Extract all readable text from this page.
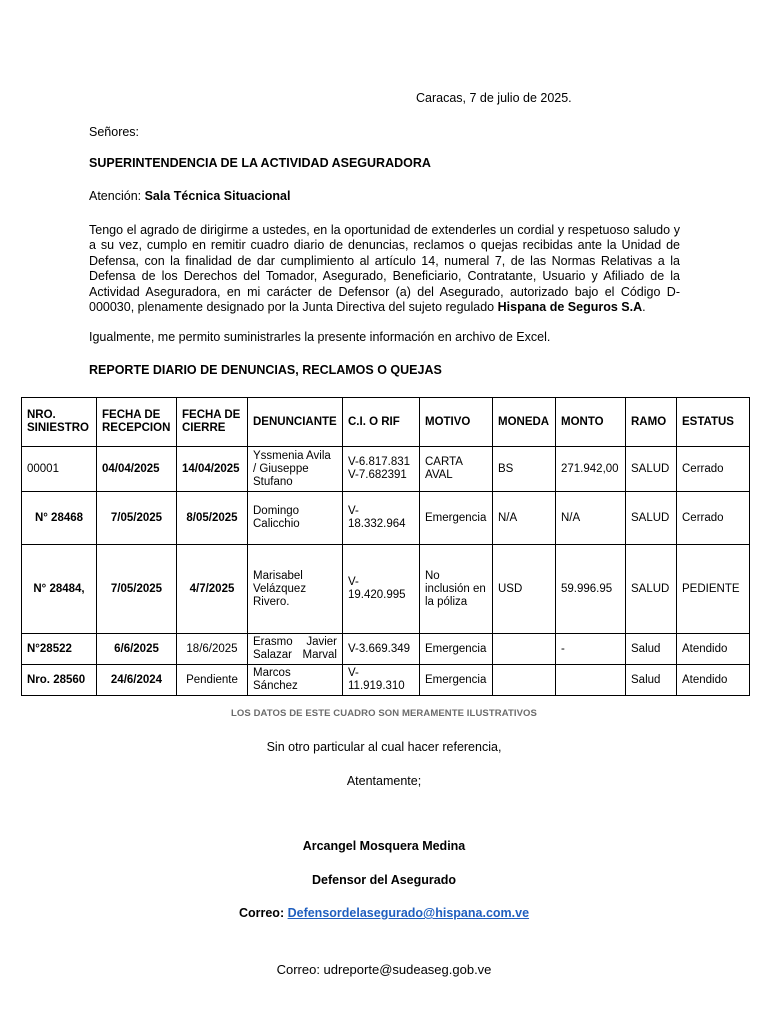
Caracas, 7 de julio de 2025.
Señores:
SUPERINTENDENCIA DE LA ACTIVIDAD ASEGURADORA
Atención: Sala Técnica Situacional
Tengo el agrado de dirigirme a ustedes, en la oportunidad de extenderles un cordial y respetuoso saludo y a su vez, cumplo en remitir cuadro diario de denuncias, reclamos o quejas recibidas ante la Unidad de Defensa, con la finalidad de dar cumplimiento al artículo 14, numeral 7, de las Normas Relativas a la Defensa de los Derechos del Tomador, Asegurado, Beneficiario, Contratante, Usuario y Afiliado de la Actividad Aseguradora, en mi carácter de Defensor (a) del Asegurado, autorizado bajo el Código D-000030, plenamente designado por la Junta Directiva del sujeto regulado Hispana de Seguros S.A.
Igualmente, me permito suministrarles la presente información en archivo de Excel.
REPORTE DIARIO DE DENUNCIAS, RECLAMOS O QUEJAS
NRO. SINIESTRO	FECHA DE RECEPCION	FECHA DE CIERRE	DENUNCIANTE	C.I. O RIF	MOTIVO	MONEDA	MONTO	RAMO	ESTATUS
00001	04/04/2025	14/04/2025	Yssmenia Avila / Giuseppe Stufano	V-6.817.831 V-7.682391	CARTA AVAL	BS	271.942,00	SALUD	Cerrado
N° 28468	7/05/2025	8/05/2025	Domingo Calicchio	V-18.332.964	Emergencia	N/A	N/A	SALUD	Cerrado
N° 28484,	7/05/2025	4/7/2025	Marisabel Velázquez Rivero.	V-19.420.995	No inclusión en la póliza	USD	59.996.95	SALUD	PEDIENTE
N°28522	6/6/2025	18/6/2025	Erasmo Javier Salazar Marval	V-3.669.349	Emergencia		-	Salud	Atendido
Nro. 28560	24/6/2024	Pendiente	Marcos Sánchez	V-11.919.310	Emergencia			Salud	Atendido
LOS DATOS DE ESTE CUADRO SON MERAMENTE ILUSTRATIVOS
Sin otro particular al cual hacer referencia,
Atentamente;
Arcangel Mosquera Medina
Defensor del Asegurado
Correo: Defensordelasegurado@hispana.com.ve
Correo: udreporte@sudeaseg.gob.ve
